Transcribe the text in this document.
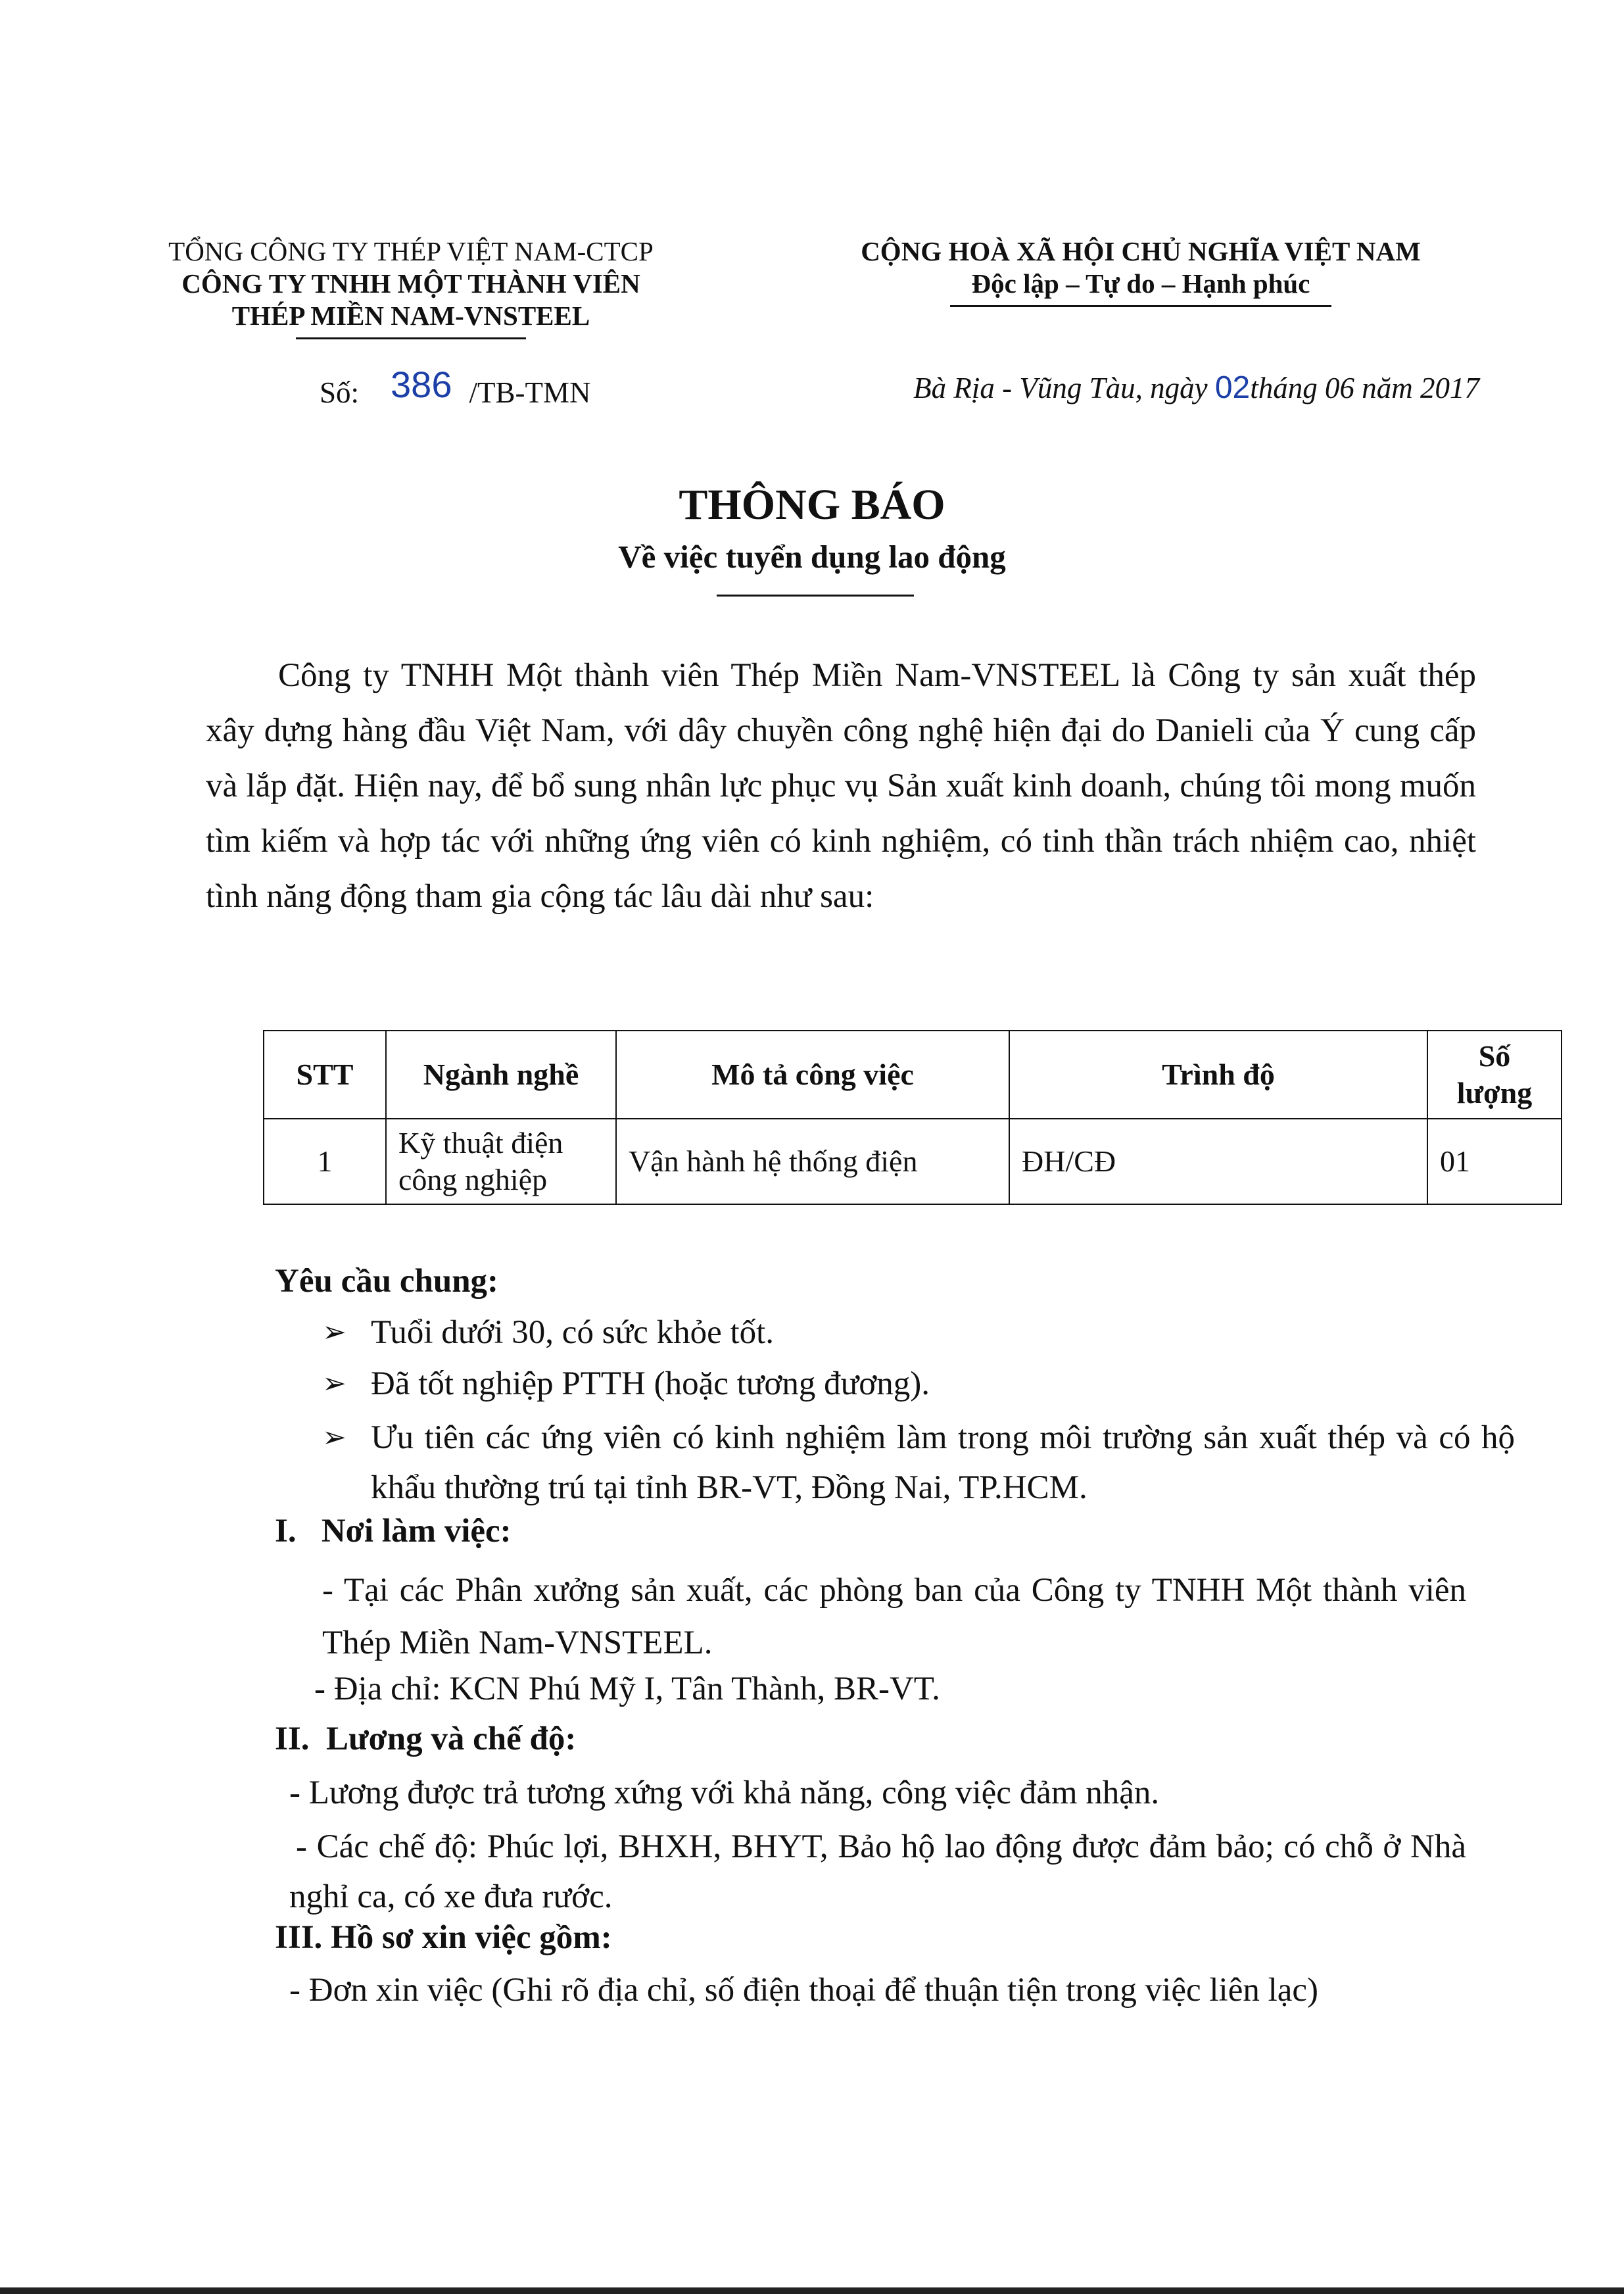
TỔNG CÔNG TY THÉP VIỆT NAM-CTCP
CÔNG TY TNHH MỘT THÀNH VIÊN
THÉP MIỀN NAM-VNSTEEL
CỘNG HOÀ XÃ HỘI CHỦ NGHĨA VIỆT NAM
Độc lập – Tự do – Hạnh phúc
Số: 386 /TB-TMN	Bà Rịa - Vũng Tàu, ngày 02tháng 06 năm 2017
THÔNG BÁO
Về việc tuyển dụng lao động
Công ty TNHH Một thành viên Thép Miền Nam-VNSTEEL là Công ty sản xuất thép xây dựng hàng đầu Việt Nam, với dây chuyền công nghệ hiện đại do Danieli của Ý cung cấp và lắp đặt. Hiện nay, để bổ sung nhân lực phục vụ Sản xuất kinh doanh, chúng tôi mong muốn tìm kiếm và hợp tác với những ứng viên có kinh nghiệm, có tinh thần trách nhiệm cao, nhiệt tình năng động tham gia cộng tác lâu dài như sau:
STT	Ngành nghề	Mô tả công việc	Trình độ	Số lượng
1	Kỹ thuật điện công nghiệp	Vận hành hệ thống điện	ĐH/CĐ	01
Yêu cầu chung:
➢ Tuổi dưới 30, có sức khỏe tốt.
➢ Đã tốt nghiệp PTTH (hoặc tương đương).
➢ Ưu tiên các ứng viên có kinh nghiệm làm trong môi trường sản xuất thép và có hộ khẩu thường trú tại tỉnh BR-VT, Đồng Nai, TP.HCM.
I.   Nơi làm việc:
- Tại các Phân xưởng sản xuất, các phòng ban của Công ty TNHH Một thành viên Thép Miền Nam-VNSTEEL.
- Địa chỉ: KCN Phú Mỹ I, Tân Thành, BR-VT.
II.  Lương và chế độ:
- Lương được trả tương xứng với khả năng, công việc đảm nhận.
- Các chế độ: Phúc lợi, BHXH, BHYT, Bảo hộ lao động được đảm bảo; có chỗ ở Nhà nghỉ ca, có xe đưa rước.
III. Hồ sơ xin việc gồm:
- Đơn xin việc (Ghi rõ địa chỉ, số điện thoại để thuận tiện trong việc liên lạc)
